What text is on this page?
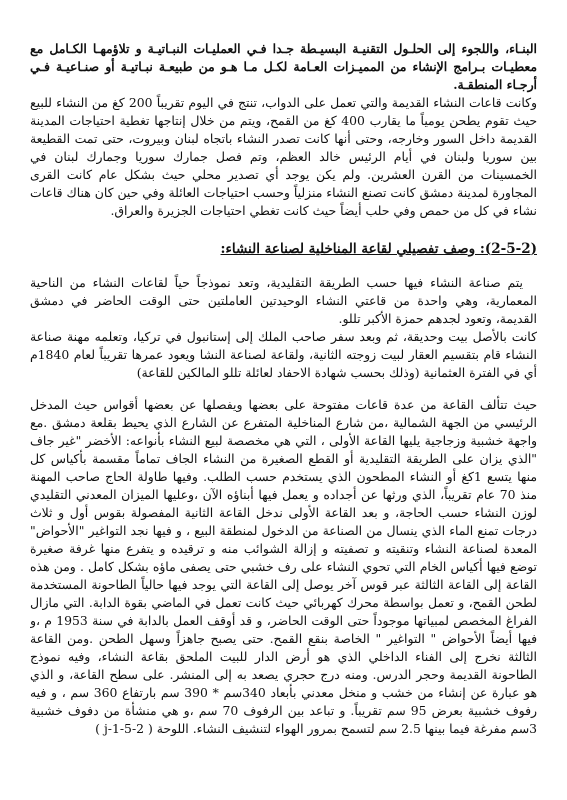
البنـاء، واللجوء إلى الحلـول التقنيـة البسيـطة جـدا فـي العمليـات النبـاتيـة و تلاؤمهـا الكـامل مع معطيـات بـرامج الإنشاء من المميـزات العـامة لكـل مـا هـو من طبيعـة نبـاتيـة أو صنـاعيـة فـي أرجـاء المنطقـة.

وكانت قاعات النشاء القديمة والتي تعمل على الدواب، تنتج في اليوم تقريباً 200 كغ من النشاء للبيع حيث تقوم يطحن يومياً ما يقارب 400 كغ من القمح، ويتم من خلال إنتاجها تغطية احتياجات المدينة القديمة داخل السور وخارجه، وحتى أنها كانت تصدر النشاء باتجاه لبنان وبيروت، حتى تمت القطيعة بين سوريا ولبنان في أيام الرئيس خالد العظم، وتم فصل جمارك سوريا وجمارك لبنان في الخمسينات من القرن العشرين. ولم يكن يوجد أي تصدير محلي حيث بشكل عام كانت القرى المجاورة لمدينة دمشق كانت تصنع النشاء منزلياً وحسب احتياجات العائلة وفي حين كان هناك قاعات نشاء في كل من حمص وفي حلب أيضاً حيث كانت تغطي احتياجات الجزيرة والعراق.

(2-5-2): وصف تفصيلي لقاعة المناخلية لصناعة النشاء:

يتم صناعة النشاء فيها حسب الطريقة التقليدية، وتعد نموذجاً حياً لقاعات النشاء من الناحية المعمارية، وهي واحدة من قاعتي النشاء الوحيدتين العاملتين حتى الوقت الحاضر في دمشق القديمة، وتعود لجدهم حمزة الأكبر تللو.

كانت بالأصل بيت وحديقة، ثم وبعد سفر صاحب الملك إلى إستانبول في تركيا، وتعلمه مهنة صناعة النشاء قام بتقسيم العقار لبيت زوجته الثانية، ولقاعة لصناعة النشا ويعود عمرها تقريباً لعام 1840م أي في الفترة العثمانية (وذلك بحسب شهادة الاحفاد لعائلة تللو المالكين للقاعة)

حيث تتألف القاعة من عدة قاعات مفتوحة على بعضها ويفصلها عن بعضها أقواس حيث المدخل الرئيسي من الجهة الشمالية ،من شارع المناخلية المتفرع عن الشارع الذي يحيط بقلعة دمشق .مع واجهة خشبية وزجاجية يليها القاعة الأولى ، التي هي مخصصة لبيع النشاء بأنواعه: الأخضر "غير جاف "الذي يزان على الطريقة التقليدية أو القطع الصغيرة من النشاء الجاف تماماً مقسمة بأكياس كل منها يتسع 1كغ أو النشاء المطحون الذي يستخدم حسب الطلب. وفيها طاولة الحاج صاحب المهنة منذ 70 عام تقريباً، الذي ورثها عن أجداده و يعمل فيها أبناؤه الآن ،وعليها الميزان المعدني التقليدي لوزن النشاء حسب الحاجة، و بعد القاعة الأولى ندخل القاعة الثانية المفصولة بقوس أول و ثلاث درجات تمنع الماء الذي ينسال من الصناعة من الدخول لمنطقة البيع ، و فيها نجد التواغير "الأحواض" المعدة لصناعة النشاء وتنقيته و تصفيته و إزالة الشوائب منه و ترقيده و يتفرع منها غرفة صغيرة توضع فيها أكياس الخام التي تحوي النشاء على رف خشبي حتى يصفى ماؤه بشكل كامل . ومن هذه القاعة إلى القاعة الثالثة عبر قوس آخر يوصل إلى القاعة التي يوجد فيها حالياً الطاحونة المستخدمة لطحن القمح، و تعمل بواسطة محرك كهربائي حيث كانت تعمل في الماضي بقوة الدابة. التي مازال الفراغ المخصص لمبياتها موجوداً حتى الوقت الحاضر، و قد أوقف العمل بالدابة في سنة 1953 م ،و فيها أيضاً الأحواض " التواغير " الخاصة بنقع القمح. حتى يصبح جاهزاً وسهل الطحن .ومن القاعة الثالثة نخرج إلى الفناء الداخلي الذي هو أرض الدار للبيت الملحق بقاعة النشاء، وفيه نموذج الطاحونة القديمة وحجر الدرس. ومنه درج حجري يصعد به إلى المنشر. على سطح القاعة، و الذي هو عبارة عن إنشاء من خشب و منخل معدني بأبعاد 340سم * 390 سم بارتفاع 360 سم ، و فيه رفوف خشبية بعرض 95 سم تقريباً. و تباعد بين الرفوف 70 سم ،و هي منشأة من دفوف خشبية 3سم مفرغة فيما بينها 2.5 سم لتسمح بمرور الهواء لتنشيف النشاء. اللوحة ( 2-5-1-j )
